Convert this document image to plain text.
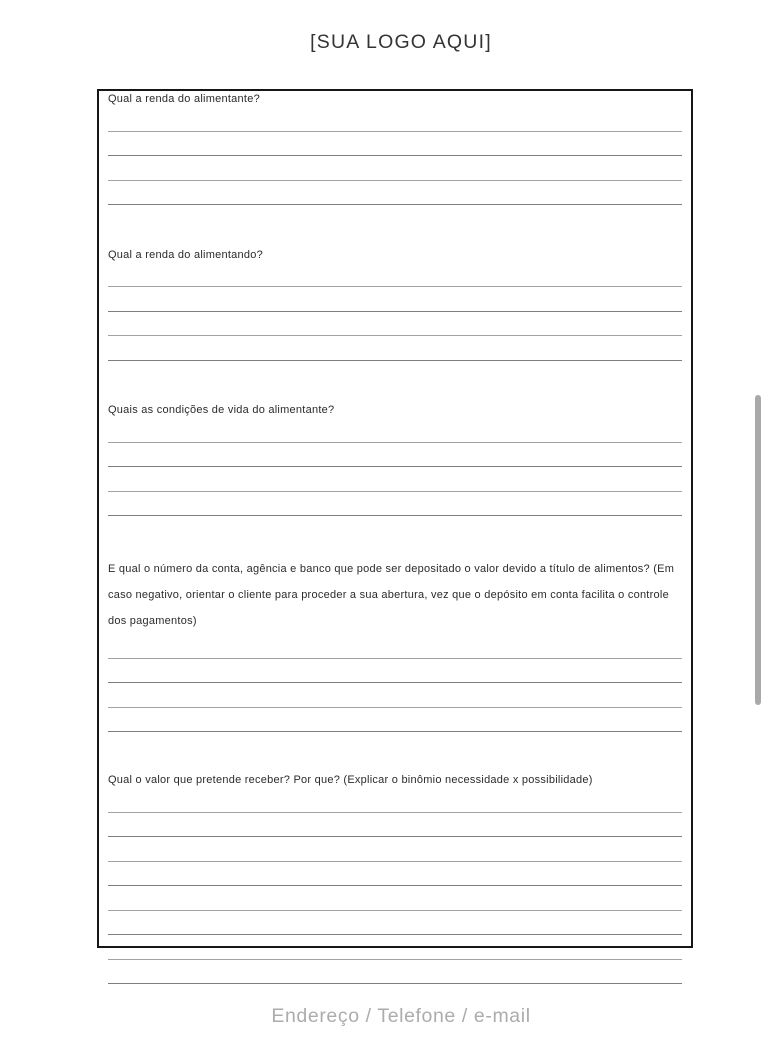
[SUA LOGO AQUI]
Qual a renda do alimentante?
Qual a renda do alimentando?
Quais as condições de vida do alimentante?
E qual o número da conta, agência e banco que pode ser depositado o valor devido a título de alimentos? (Em caso negativo, orientar o cliente para proceder a sua abertura, vez que o depósito em conta facilita o controle dos pagamentos)
Qual o valor que pretende receber? Por que? (Explicar o binômio necessidade x possibilidade)
Endereço / Telefone / e-mail
